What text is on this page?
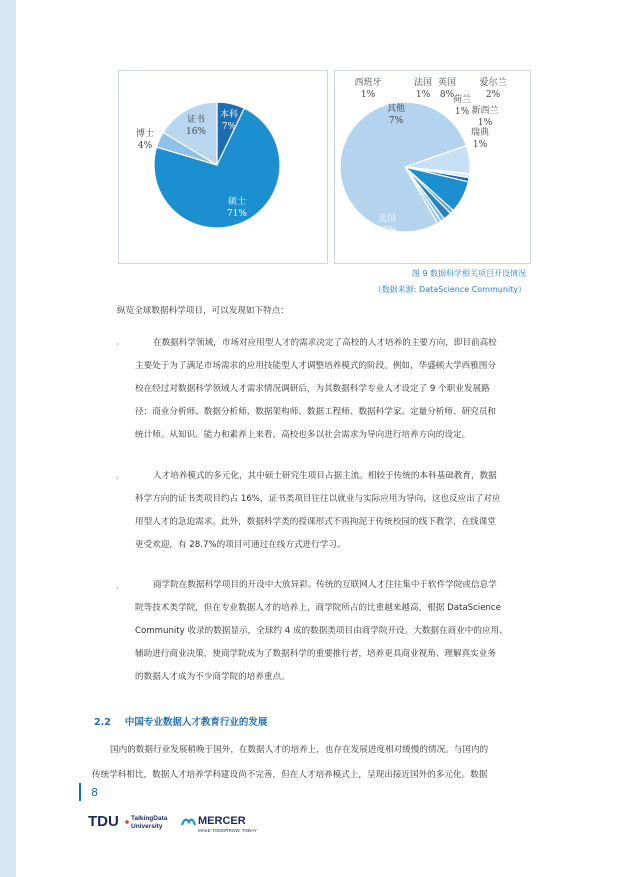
本科
7%
硕士
71%
博士
4%
证书
16%
美国
78%
其他
7%
西班牙
1%
法国
1%
英国
8%
荷兰
1%
爱尔兰
2%
新西兰
1%
瑞典
1%
图 9 数据科学相关项目开设情况
（数据来源: DataScience Community）
纵览全球数据科学项目，可以发现如下特点：
·	在数据科学领域，市场对应用型人才的需求决定了高校的人才培养的主要方向，即目前高校
主要处于为了满足市场需求的应用技能型人才调整培养模式的阶段。例如，华盛顿大学西雅图分
校在经过对数据科学领域人才需求情况调研后，为其数据科学专业人才设定了 9 个职业发展路
径：商业分析师、数据分析师、数据架构师、数据工程师、数据科学家、定量分析师、研究员和
统计师。从知识、能力和素养上来看，高校也多以社会需求为导向进行培养方向的设定。
·	人才培养模式的多元化，其中硕士研究生项目占据主流。相较于传统的本科基础教育，数据
科学方向的证书类项目约占 16%，证书类项目往往以就业与实际应用为导向，这也反应出了对应
用型人才的急迫需求。此外，数据科学类的授课形式不再拘泥于传统校园的线下教学，在线课堂
更受欢迎，有 28.7%的项目可通过在线方式进行学习。
·	商学院在数据科学项目的开设中大放异彩。传统的互联网人才往往集中于软件学院或信息学
院等技术类学院，但在专业数据人才的培养上，商学院所占的比重越来越高，根据 DataScience
Community 收录的数据显示，全球约 4 成的数据类项目由商学院开设。大数据在商业中的应用、
辅助进行商业决策，使商学院成为了数据科学的重要推行者，培养更具商业视角、理解真实业务
的数据人才成为不少商学院的培养重点。
2.2 中国专业数据人才教育行业的发展
国内的数据行业发展稍晚于国外，在数据人才的培养上，也存在发展进度相对缓慢的情况。与国内的
传统学科相比，数据人才培养学科建设尚不完善，但在人才培养模式上，呈现出接近国外的多元化。数据
8
TDU TalkingData
University	MERCER
MAKE TOMORROW, TODAY
